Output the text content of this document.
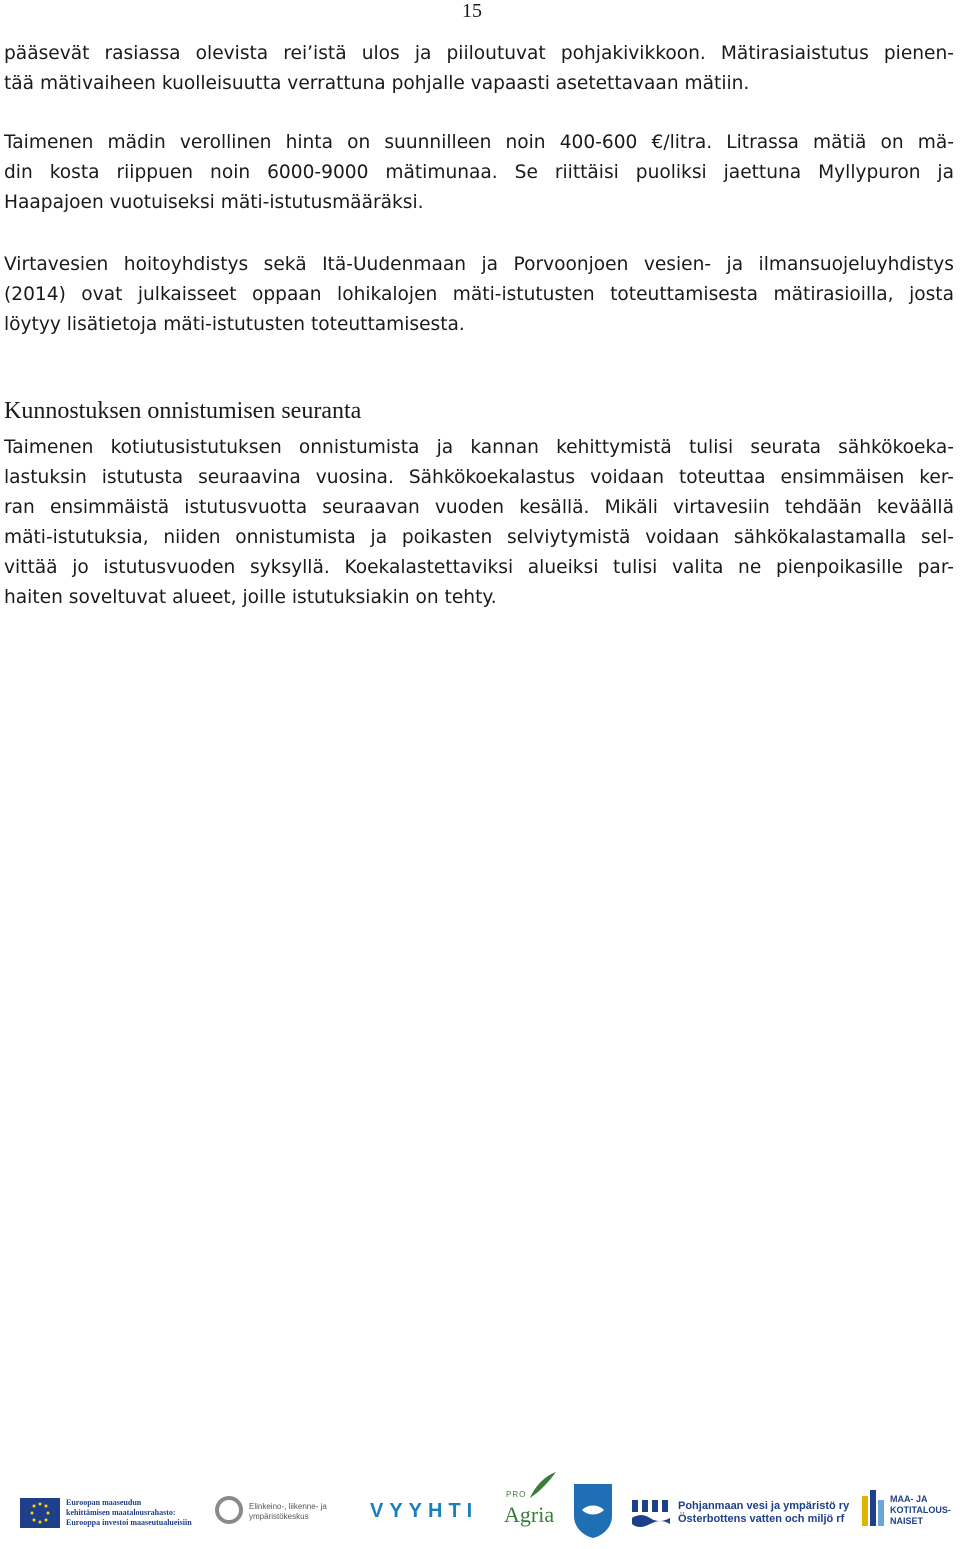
15
pääsevät rasiassa olevista rei’istä ulos ja piiloutuvat pohjakivikkoon. Mätirasiaistutus pienen-
tää mätivaiheen kuolleisuutta verrattuna pohjalle vapaasti asetettavaan mätiin.
Taimenen mädin verollinen hinta on suunnilleen noin 400-600 €/litra. Litrassa mätiä on mä-
din kosta riippuen noin 6000-9000 mätimunaa. Se riittäisi puoliksi jaettuna Myllypuron ja
Haapajoen vuotuiseksi mäti-istutusmääräksi.
Virtavesien hoitoyhdistys sekä Itä-Uudenmaan ja Porvoonjoen vesien- ja ilmansuojeluyhdistys
(2014) ovat julkaisseet oppaan lohikalojen mäti-istutusten toteuttamisesta mätirasioilla, josta
löytyy lisätietoja mäti-istutusten toteuttamisesta.
Kunnostuksen onnistumisen seuranta
Taimenen kotiutusistutuksen onnistumista ja kannan kehittymistä tulisi seurata sähkökoeka-
lastuksin istutusta seuraavina vuosina. Sähkökoekalastus voidaan toteuttaa ensimmäisen ker-
ran ensimmäistä istutusvuotta seuraavan vuoden kesällä. Mikäli virtavesiin tehdään keväällä
mäti-istutuksia, niiden onnistumista ja poikasten selviytymistä voidaan sähkökalastamalla sel-
vittää jo istutusvuoden syksyllä. Koekalastettaviksi alueiksi tulisi valita ne pienpoikasille par-
haiten soveltuvat alueet, joille istutuksiakin on tehty.
Euroopan maaseudun
kehittämisen maatalousrahasto:
Eurooppa investoi maaseutualueisiin
Elinkeino-, liikenne- ja
ympäristökeskus	VYYHTI
PRO
Agria	Pohjanmaan vesi ja ympäristö ry
Österbottens vatten och miljö rf
MAA- JA
KOTITALOUS-
NAISET
